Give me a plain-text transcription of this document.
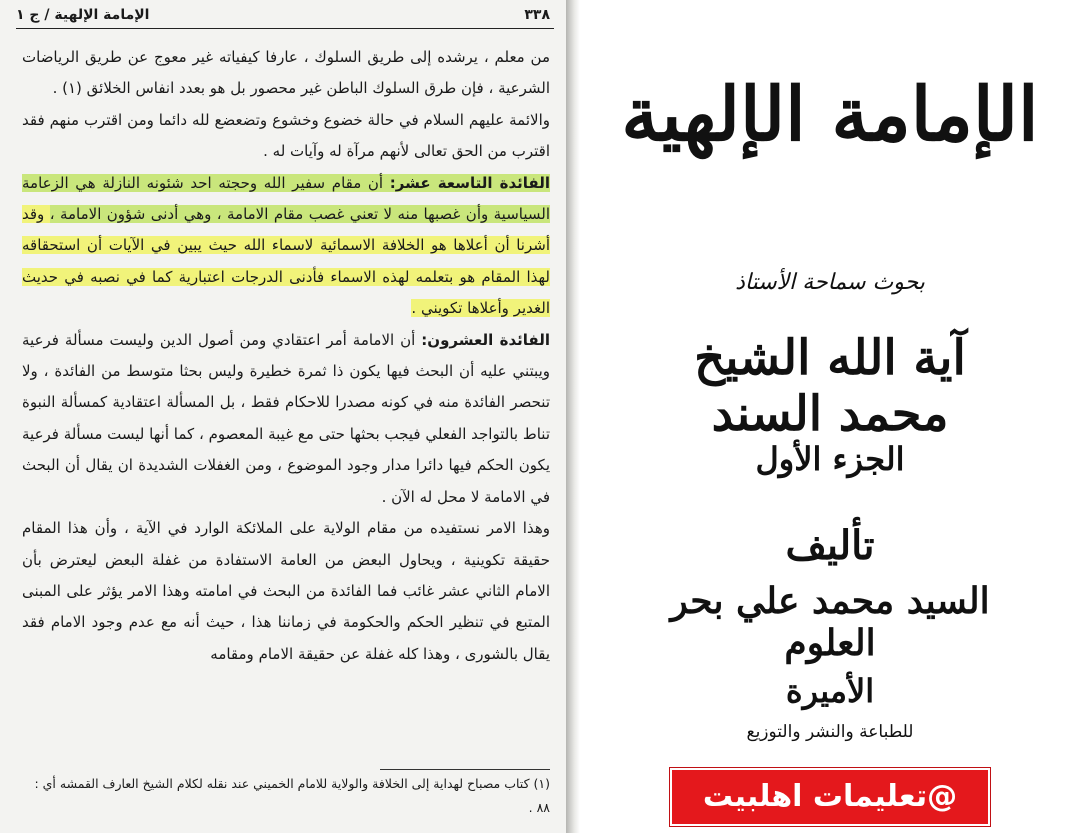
٣٣٨
الإمامة الإلهية / ج ١

من معلم ، يرشده إلى طريق السلوك ، عارفا كيفياته غير معوج عن طريق الرياضات الشرعية ، فإن طرق السلوك الباطن غير محصور بل هو بعدد انفاس الخلائق (١) .

والائمة عليهم السلام في حالة خضوع وخشوع وتضعضع لله دائما ومن اقترب منهم فقد اقترب من الحق تعالى لأنهم مرآة له وآيات له .

الفائدة التاسعة عشر: أن مقام سفير الله وحجته احد شئونه النازلة هي الزعامة السياسية وأن غصبها منه لا تعني غصب مقام الامامة ، وهي أدنى شؤون الامامة ، وقد أشرنا أن أعلاها هو الخلافة الاسمائية لاسماء الله حيث يبين في الآيات أن استحقاقه لهذا المقام هو بتعلمه لهذه الاسماء فأدنى الدرجات اعتبارية كما في نصبه في حديث الغدير وأعلاها تكويني .

الفائدة العشرون: أن الامامة أمر اعتقادي ومن أصول الدين وليست مسألة فرعية ويبتني عليه أن البحث فيها يكون ذا ثمرة خطيرة وليس بحثا متوسط من الفائدة ، ولا تنحصر الفائدة منه في كونه مصدرا للاحكام فقط ، بل المسألة اعتقادية كمسألة النبوة تناط بالتواجد الفعلي فيجب بحثها حتى مع غيبة المعصوم ، كما أنها ليست مسألة فرعية يكون الحكم فيها دائرا مدار وجود الموضوع ، ومن الغفلات الشديدة ان يقال أن البحث في الامامة لا محل له الآن .

وهذا الامر نستفيده من مقام الولاية على الملائكة الوارد في الآية ، وأن هذا المقام حقيقة تكوينية ، ويحاول البعض من العامة الاستفادة من غفلة البعض ليعترض بأن الامام الثاني عشر غائب فما الفائدة من البحث في امامته وهذا الامر يؤثر على المبنى المتبع في تنظير الحكم والحكومة في زماننا هذا ، حيث أنه مع عدم وجود الامام فقد يقال بالشورى ، وهذا كله غفلة عن حقيقة الامام ومقامه

(١) كتاب مصباح لهداية إلى الخلافة والولاية للامام الخميني عند نقله لكلام الشيخ العارف القمشه أي : ٨٨ .
الإمامة الإلهية
بحوث سماحة الأستاذ
آية الله الشيخ محمد السند
الجزء الأول
تأليف
السيد محمد علي بحر العلوم
الأميرة
للطباعة والنشر والتوزيع
@تعليمات اهلبيت
